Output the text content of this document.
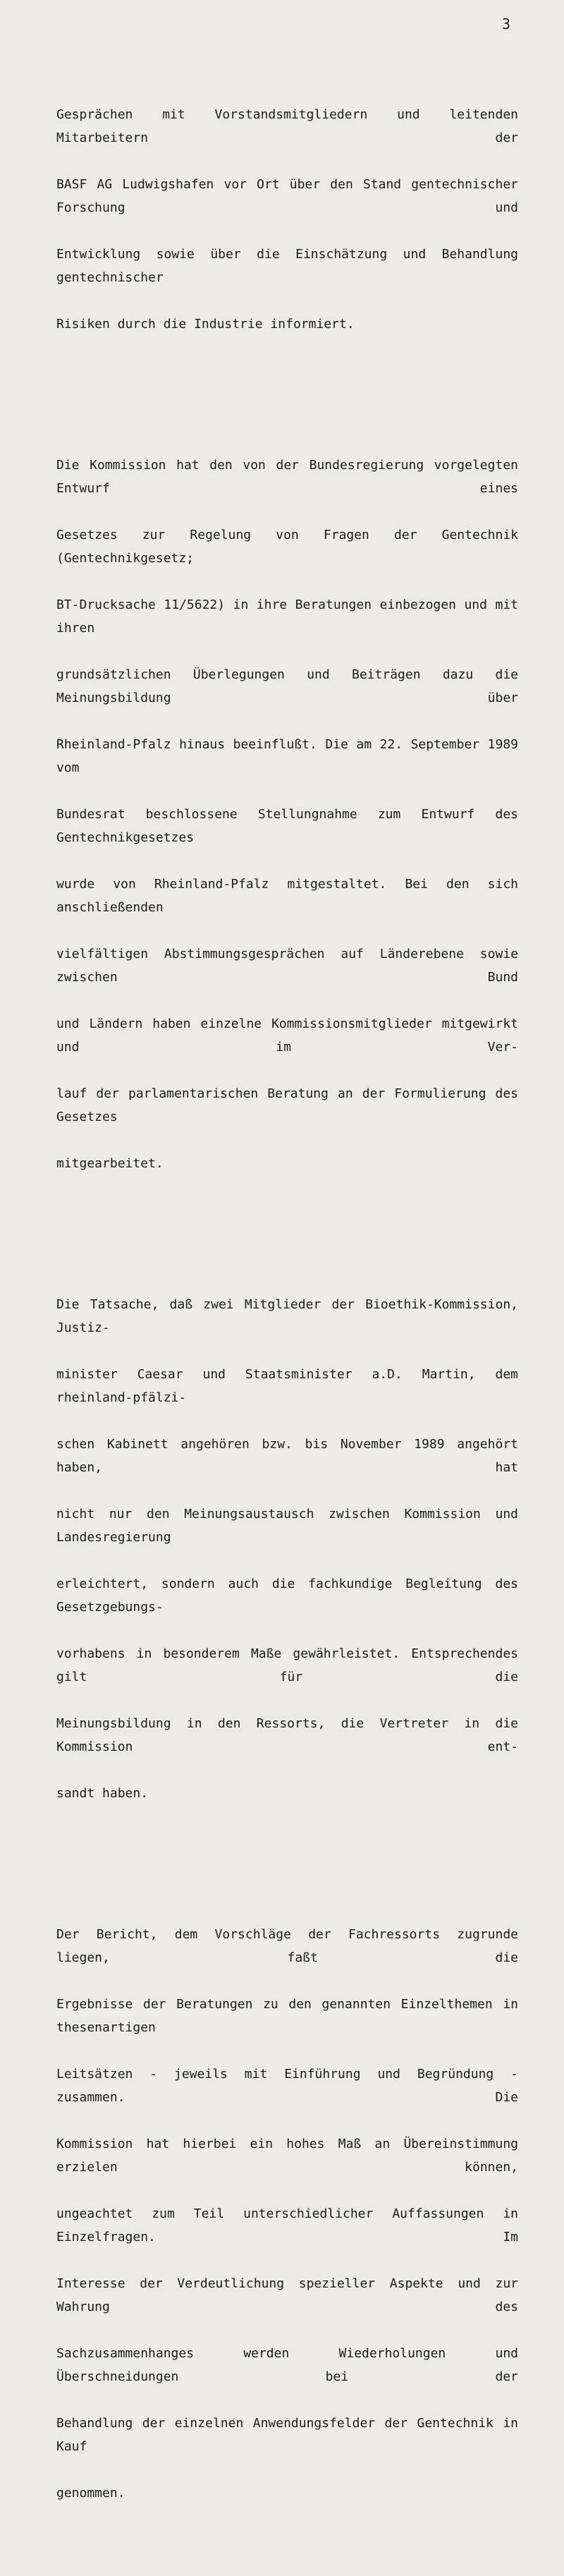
3

Gesprächen mit Vorstandsmitgliedern und leitenden Mitarbeitern der

BASF AG Ludwigshafen vor Ort über den Stand gentechnischer Forschung und

Entwicklung sowie über die Einschätzung und Behandlung gentechnischer

Risiken durch die Industrie informiert.

Die Kommission hat den von der Bundesregierung vorgelegten Entwurf eines

Gesetzes zur Regelung von Fragen der Gentechnik (Gentechnikgesetz;

BT-Drucksache 11/5622) in ihre Beratungen einbezogen und mit ihren

grundsätzlichen Überlegungen und Beiträgen dazu die Meinungsbildung über

Rheinland-Pfalz hinaus beeinflußt. Die am 22. September 1989 vom

Bundesrat beschlossene Stellungnahme zum Entwurf des Gentechnikgesetzes

wurde von Rheinland-Pfalz mitgestaltet. Bei den sich anschließenden

vielfältigen Abstimmungsgesprächen auf Länderebene sowie zwischen Bund

und Ländern haben einzelne Kommissionsmitglieder mitgewirkt und im Ver-

lauf der parlamentarischen Beratung an der Formulierung des Gesetzes

mitgearbeitet.

Die Tatsache, daß zwei Mitglieder der Bioethik-Kommission, Justiz-

minister Caesar und Staatsminister a.D. Martin, dem rheinland-pfälzi-

schen Kabinett angehören bzw. bis November 1989 angehört haben, hat

nicht nur den Meinungsaustausch zwischen Kommission und Landesregierung

erleichtert, sondern auch die fachkundige Begleitung des Gesetzgebungs-

vorhabens in besonderem Maße gewährleistet. Entsprechendes gilt für die

Meinungsbildung in den Ressorts, die Vertreter in die Kommission ent-

sandt haben.

Der Bericht, dem Vorschläge der Fachressorts zugrunde liegen, faßt die

Ergebnisse der Beratungen zu den genannten Einzelthemen in thesenartigen

Leitsätzen - jeweils mit Einführung und Begründung - zusammen. Die

Kommission hat hierbei ein hohes Maß an Übereinstimmung erzielen können,

ungeachtet zum Teil unterschiedlicher Auffassungen in Einzelfragen. Im

Interesse der Verdeutlichung spezieller Aspekte und zur Wahrung des

Sachzusammenhanges werden Wiederholungen und Überschneidungen bei der

Behandlung der einzelnen Anwendungsfelder der Gentechnik in Kauf

genommen.
